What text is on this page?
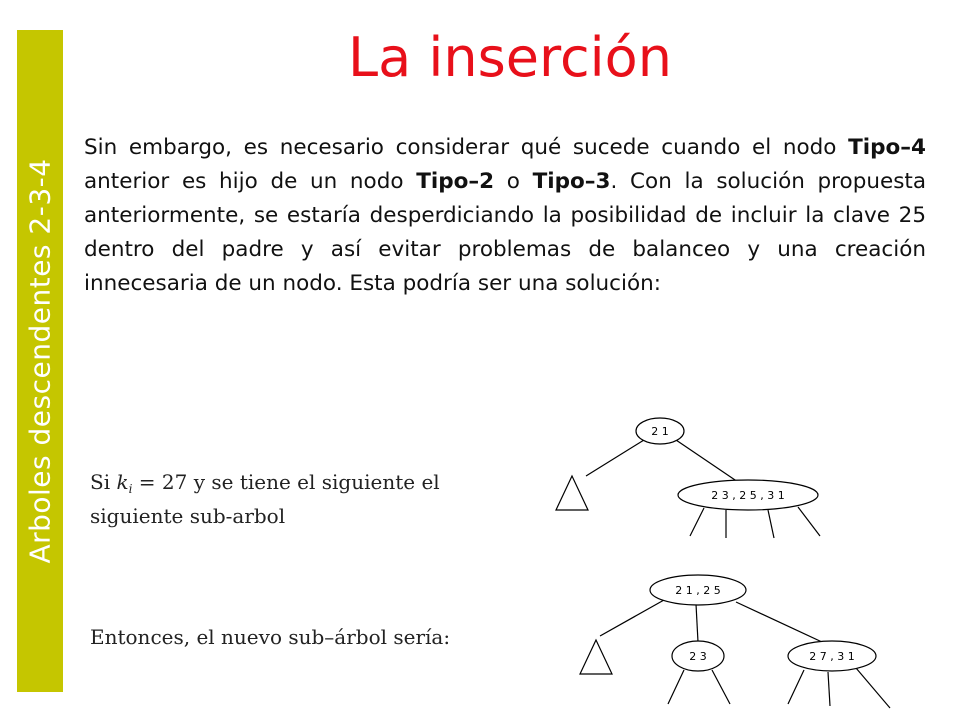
Arboles descendentes 2-3-4
La inserción

Sin embargo, es necesario considerar qué sucede cuando el nodo Tipo–4 anterior es hijo de un nodo Tipo–2 o Tipo–3. Con la solución propuesta anteriormente, se estaría desperdiciando la posibilidad de incluir la clave 25 dentro del padre y así evitar problemas de balanceo y una creación innecesaria de un nodo. Esta podría ser una solución:

Si $k_i = 27$ y se tiene el siguiente el

siguiente sub-arbol

Entonces, el nuevo sub–árbol sería:

2 1
2 3 , 2 5 , 3 1
2 1 , 2 5
2 3	2 7 , 3 1
